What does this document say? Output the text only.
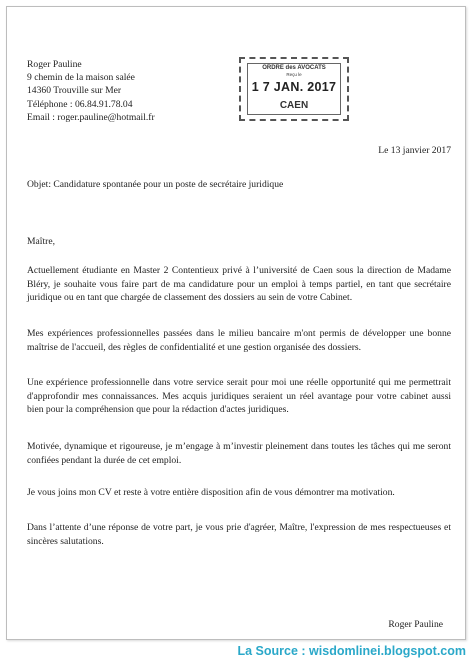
Roger Pauline
9 chemin de la maison salée
14360 Trouville sur Mer
Téléphone : 06.84.91.78.04
Email : roger.pauline@hotmail.fr
ORDRE des AVOCATS
Reçu le
1 7 JAN. 2017
CAEN
Le 13 janvier 2017
Objet: Candidature spontanée pour un poste de secrétaire juridique
Maître,
Actuellement étudiante en Master 2 Contentieux privé à l’université de Caen sous la direction de Madame Bléry, je souhaite vous faire part de ma candidature pour un emploi à temps partiel, en tant que secrétaire juridique ou en tant que chargée de classement des dossiers au sein de votre Cabinet.
Mes expériences professionnelles passées dans le milieu bancaire m'ont permis de développer une bonne maîtrise de l'accueil, des règles de confidentialité et une gestion organisée des dossiers.
Une expérience professionnelle dans votre service serait pour moi une réelle opportunité qui me permettrait d'approfondir mes connaissances. Mes acquis juridiques seraient un réel avantage pour votre cabinet aussi bien pour la compréhension que pour la rédaction d'actes juridiques.
Motivée, dynamique et rigoureuse, je m’engage à m’investir pleinement dans toutes les tâches qui me seront confiées pendant la durée de cet emploi.
Je vous joins mon CV et reste à votre entière disposition afin de vous démontrer ma motivation.
Dans l’attente d’une réponse de votre part, je vous prie d'agréer, Maître, l'expression de mes respectueuses et sincères salutations.
Roger Pauline
La Source : wisdomlinei.blogspot.com
